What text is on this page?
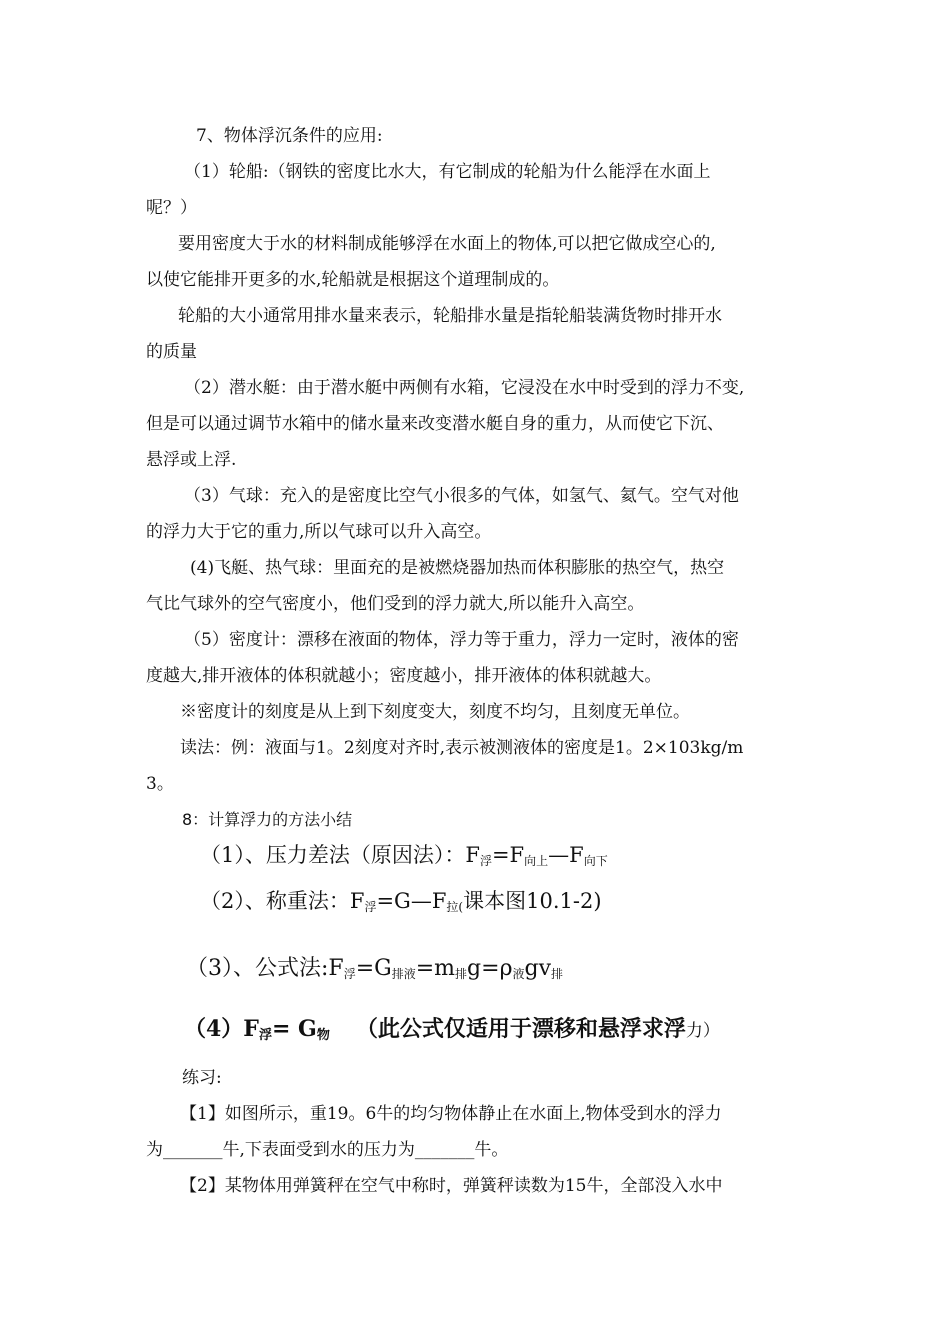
7、物体浮沉条件的应用:
（1）轮船:（钢铁的密度比水大，有它制成的轮船为什么能浮在水面上
呢？）
要用密度大于水的材料制成能够浮在水面上的物体,可以把它做成空心的,
以使它能排开更多的水,轮船就是根据这个道理制成的。
轮船的大小通常用排水量来表示，轮船排水量是指轮船装满货物时排开水
的质量
（2）潜水艇：由于潜水艇中两侧有水箱，它浸没在水中时受到的浮力不变,
但是可以通过调节水箱中的储水量来改变潜水艇自身的重力，从而使它下沉、
悬浮或上浮.
（3）气球：充入的是密度比空气小很多的气体，如氢气、氦气。空气对他
的浮力大于它的重力,所以气球可以升入高空。
(4)飞艇、热气球：里面充的是被燃烧器加热而体积膨胀的热空气，热空
气比气球外的空气密度小，他们受到的浮力就大,所以能升入高空。
（5）密度计：漂移在液面的物体，浮力等于重力，浮力一定时，液体的密
度越大,排开液体的体积就越小；密度越小，排开液体的体积就越大。
※密度计的刻度是从上到下刻度变大，刻度不均匀，且刻度无单位。
读法：例：液面与1。2刻度对齐时,表示被测液体的密度是1。2×103kg/m
3。
8：计算浮力的方法小结
（1）、压力差法（原因法）：$F_浮=F_{向上}—F_{向下}$
（2）、称重法：$F_浮=G—F_{拉(}$课本图10.1-2)
（3）、公式法$:F_浮=G_{排液}=m_排g=\rho_液gv_排$
$(4)F_浮= G_物$ （此公式仅适用于漂移和悬浮求浮力）
练习:
【1】如图所示，重19。6牛的均匀物体静止在水面上,物体受到水的浮力
为_______牛,下表面受到水的压力为_______牛。
【2】某物体用弹簧秤在空气中称时，弹簧秤读数为15牛，全部没入水中
